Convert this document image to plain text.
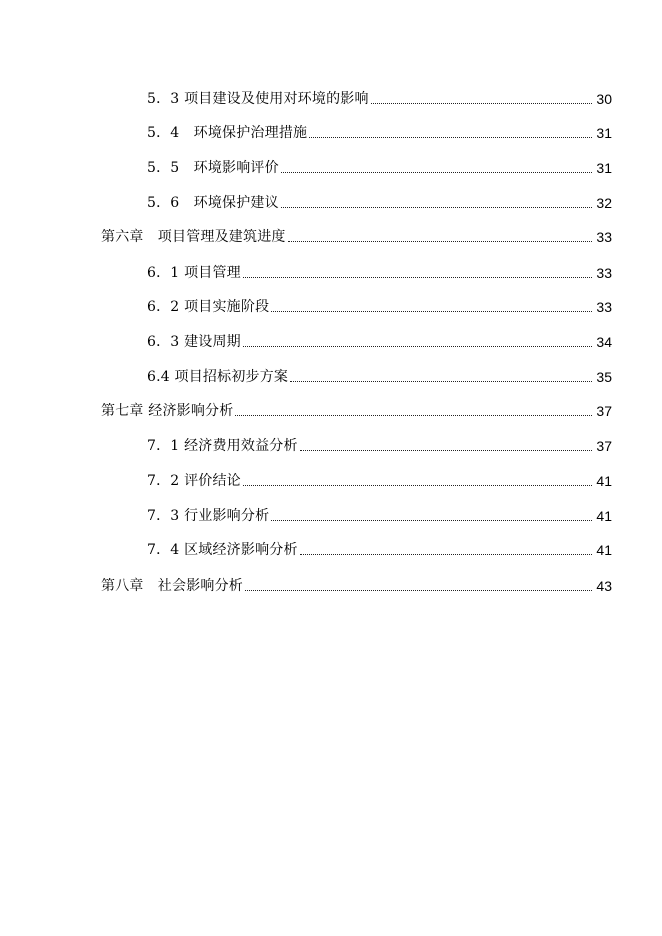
5．3 项目建设及使用对环境的影响	30
5．4　环境保护治理措施	31
5．5　环境影响评价	31
5．6　环境保护建议	32
第六章　项目管理及建筑进度	33
6．1 项目管理	33
6．2 项目实施阶段	33
6．3 建设周期	34
6.4 项目招标初步方案	35
第七章 经济影响分析	37
7．1 经济费用效益分析	37
7．2 评价结论	41
7．3 行业影响分析	41
7．4 区域经济影响分析	41
第八章　社会影响分析	43
